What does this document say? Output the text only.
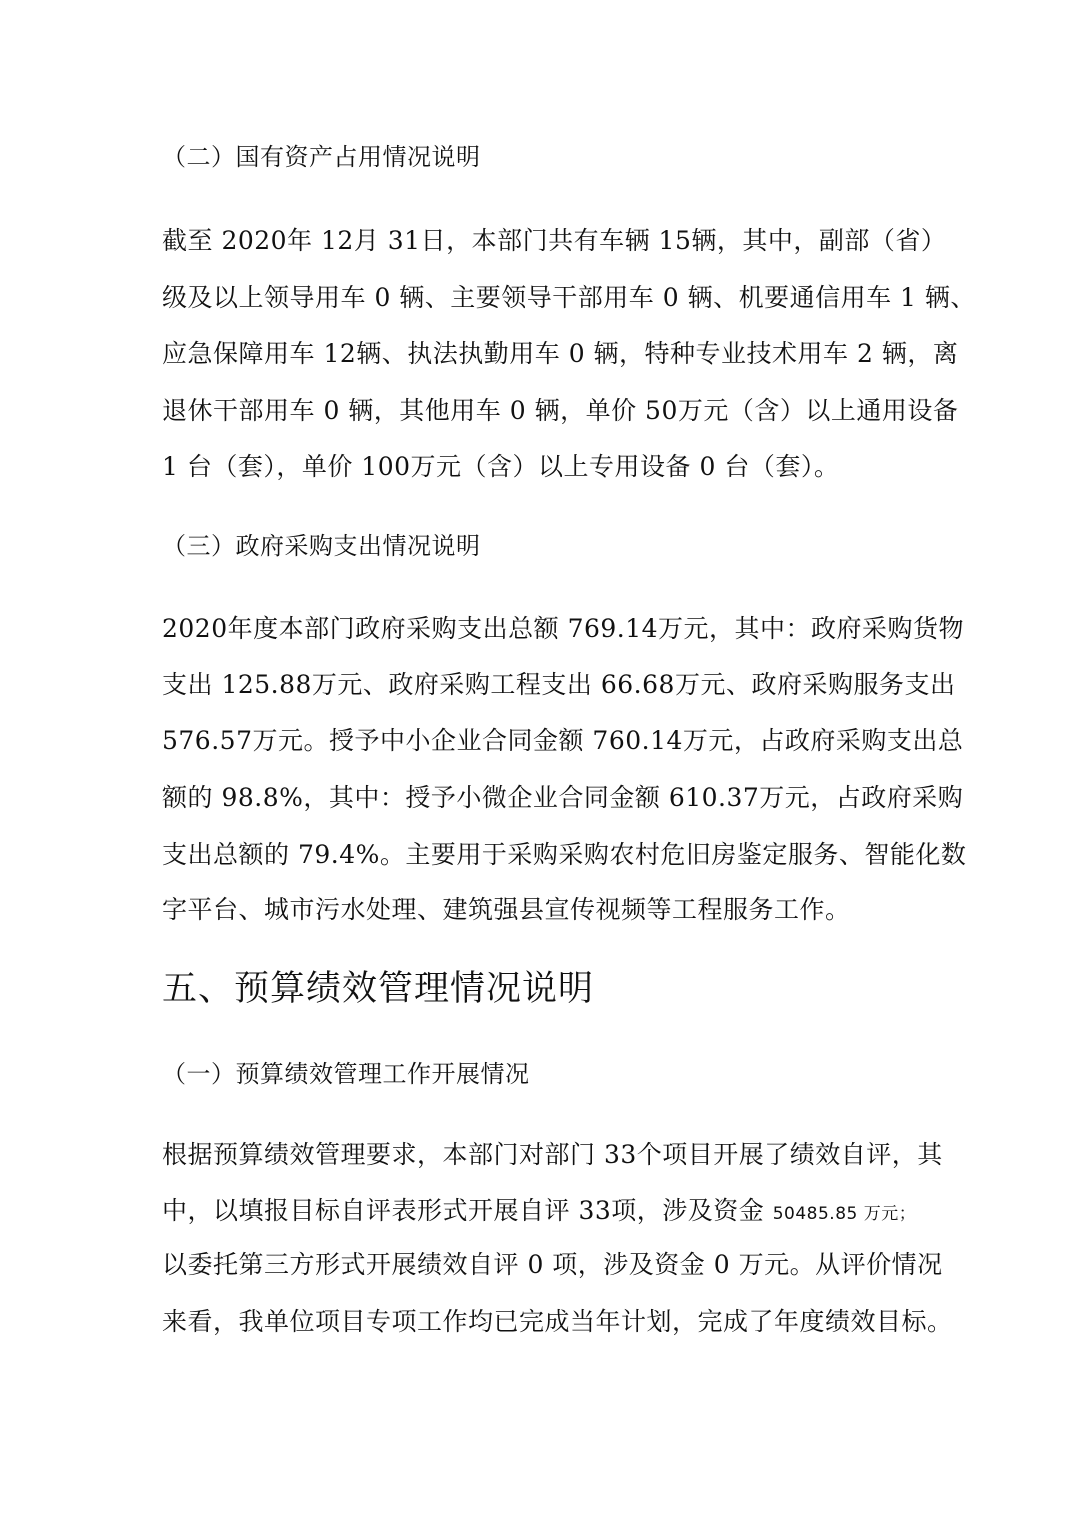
（二）国有资产占用情况说明
截至 2020年 12月 31日，本部门共有车辆 15辆，其中，副部（省）
级及以上领导用车 0 辆、主要领导干部用车 0 辆、机要通信用车 1 辆、
应急保障用车 12辆、执法执勤用车 0 辆，特种专业技术用车 2 辆，离
退休干部用车 0 辆，其他用车 0 辆，单价 50万元（含）以上通用设备
1 台（套），单价 100万元（含）以上专用设备 0 台（套）。
（三）政府采购支出情况说明
2020年度本部门政府采购支出总额 769.14万元，其中：政府采购货物
支出 125.88万元、政府采购工程支出 66.68万元、政府采购服务支出
576.57万元。授予中小企业合同金额 760.14万元，占政府采购支出总
额的 98.8%，其中：授予小微企业合同金额 610.37万元，占政府采购
支出总额的 79.4%。主要用于采购采购农村危旧房鉴定服务、智能化数
字平台、城市污水处理、建筑强县宣传视频等工程服务工作。
五、预算绩效管理情况说明
（一）预算绩效管理工作开展情况
根据预算绩效管理要求，本部门对部门 33个项目开展了绩效自评，其
中，以填报目标自评表形式开展自评 33项，涉及资金 50485.85 万元；
以委托第三方形式开展绩效自评 0 项，涉及资金 0 万元。从评价情况
来看，我单位项目专项工作均已完成当年计划，完成了年度绩效目标。
